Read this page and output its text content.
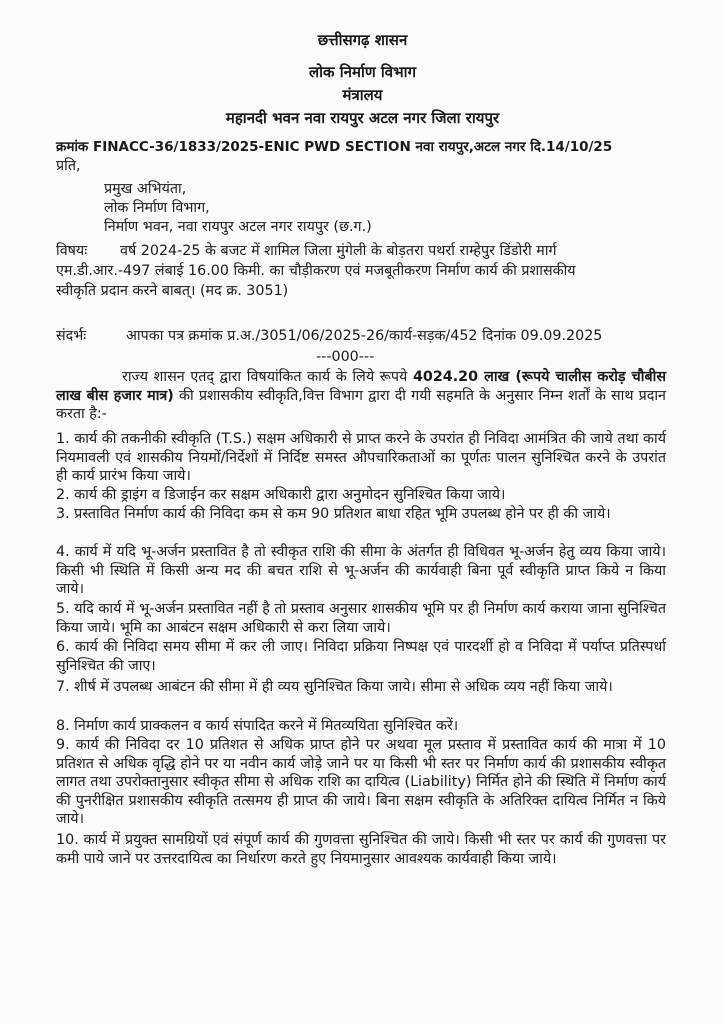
छत्तीसगढ़ शासन
लोक निर्माण विभाग
मंत्रालय
महानदी भवन नवा रायपुर अटल नगर जिला रायपुर
क्रमांक FINACC-36/1833/2025-ENIC PWD SECTION नवा रायपुर,अटल नगर दि.14/10/25
प्रति,
प्रमुख अभियंता,
लोक निर्माण विभाग,
निर्माण भवन, नवा रायपुर अटल नगर रायपुर (छ.ग.)
विषयः वर्ष 2024-25 के बजट में शामिल जिला मुंगेली के बोड़तरा पथर्रा राम्हेपुर डिंडोरी मार्ग
एम.डी.आर.-497 लंबाई 16.00 किमी. का चौड़ीकरण एवं मजबूतीकरण निर्माण कार्य की प्रशासकीय
स्वीकृति प्रदान करने बाबत्। (मद क्र. 3051)
संदर्भः	आपका पत्र क्रमांक प्र.अ./3051/06/2025-26/कार्य-सड़क/452 दिनांक 09.09.2025
---000---
राज्य शासन एतद् द्वारा विषयांकित कार्य के लिये रूपये 4024.20 लाख (रूपये चालीस करोड़ चौबीस लाख बीस हजार मात्र) की प्रशासकीय स्वीकृति,वित्त विभाग द्वारा दी गयी सहमति के अनुसार निम्न शर्तों के साथ प्रदान करता है:-
1. कार्य की तकनीकी स्वीकृति (T.S.) सक्षम अधिकारी से प्राप्त करने के उपरांत ही निविदा आमंत्रित की जाये तथा कार्य नियमावली एवं शासकीय नियमों/निर्देशों में निर्दिष्ट समस्त औपचारिकताओं का पूर्णतः पालन सुनिश्चित करने के उपरांत ही कार्य प्रारंभ किया जाये।
2. कार्य की ड्राइंग व डिजाईन कर सक्षम अधिकारी द्वारा अनुमोदन सुनिश्चित किया जाये।
3. प्रस्तावित निर्माण कार्य की निविदा कम से कम 90 प्रतिशत बाधा रहित भूमि उपलब्ध होने पर ही की जाये।
4. कार्य में यदि भू-अर्जन प्रस्तावित है तो स्वीकृत राशि की सीमा के अंतर्गत ही विधिवत भू-अर्जन हेतु व्यय किया जाये। किसी भी स्थिति में किसी अन्य मद की बचत राशि से भू-अर्जन की कार्यवाही बिना पूर्व स्वीकृति प्राप्त किये न किया जाये।
5. यदि कार्य में भू-अर्जन प्रस्तावित नहीं है तो प्रस्ताव अनुसार शासकीय भूमि पर ही निर्माण कार्य कराया जाना सुनिश्चित किया जाये। भूमि का आबंटन सक्षम अधिकारी से करा लिया जाये।
6. कार्य की निविदा समय सीमा में कर ली जाए। निविदा प्रक्रिया निष्पक्ष एवं पारदर्शी हो व निविदा में पर्याप्त प्रतिस्पर्धा सुनिश्चित की जाए।
7. शीर्ष में उपलब्ध आबंटन की सीमा में ही व्यय सुनिश्चित किया जाये। सीमा से अधिक व्यय नहीं किया जाये।
8. निर्माण कार्य प्राक्कलन व कार्य संपादित करने में मितव्ययिता सुनिश्चित करें।
9. कार्य की निविदा दर 10 प्रतिशत से अधिक प्राप्त होने पर अथवा मूल प्रस्ताव में प्रस्तावित कार्य की मात्रा में 10 प्रतिशत से अधिक वृद्धि होने पर या नवीन कार्य जोड़े जाने पर या किसी भी स्तर पर निर्माण कार्य की प्रशासकीय स्वीकृत लागत तथा उपरोक्तानुसार स्वीकृत सीमा से अधिक राशि का दायित्व (Liability) निर्मित होने की स्थिति में निर्माण कार्य की पुनरीक्षित प्रशासकीय स्वीकृति तत्समय ही प्राप्त की जाये। बिना सक्षम स्वीकृति के अतिरिक्त दायित्व निर्मित न किये जाये।
10. कार्य में प्रयुक्त सामग्रियों एवं संपूर्ण कार्य की गुणवत्ता सुनिश्चित की जाये। किसी भी स्तर पर कार्य की गुणवत्ता पर कमी पाये जाने पर उत्तरदायित्व का निर्धारण करते हुए नियमानुसार आवश्यक कार्यवाही किया जाये।
